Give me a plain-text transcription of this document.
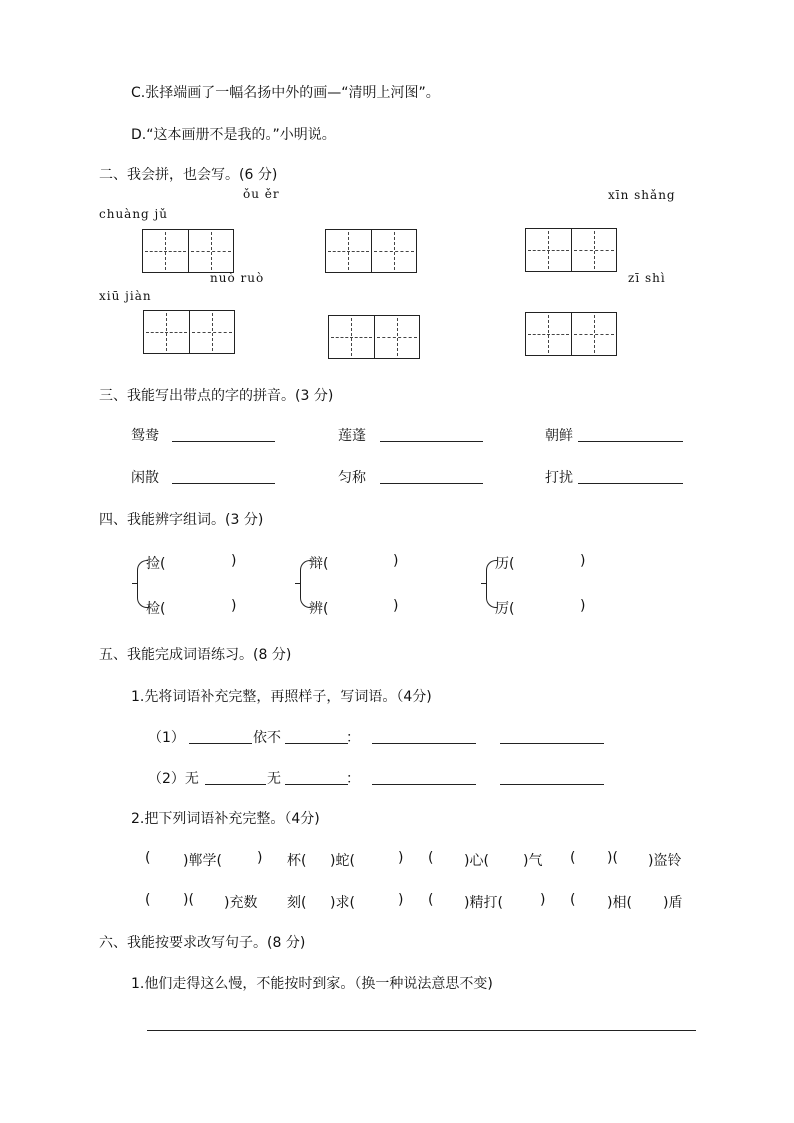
C.张择端画了一幅名扬中外的画—“清明上河图”。
D.“这本画册不是我的。”小明说。
二、我会拼，也会写。(6 分)
ǒu ěr	xīn shǎng
chuàng jǔ
nuò ruò	zī shì
xiū jiàn
三、我能写出带点的字的拼音。(3 分)
鸳鸯	莲蓬	朝鲜
闲散	匀称	打扰
四、我能辨字组词。(3 分)
捡(	)
检(	)
辩(	)
辨(	)
历(	)
厉(	)
五、我能完成词语练习。(8 分)
1.先将词语补充完整，再照样子，写词语。（4分)
（1）	依不	：
（2）无	无	：
2.把下列词语补充完整。（4分)
( )郸学(	) 杯( )蛇(	) ( )心( )气 ( )( )盗铃
( )( )充数 刻( )求(	) ( )精打(	) ( )相( )盾
六、我能按要求改写句子。(8 分)
1.他们走得这么慢，不能按时到家。（换一种说法意思不变)
